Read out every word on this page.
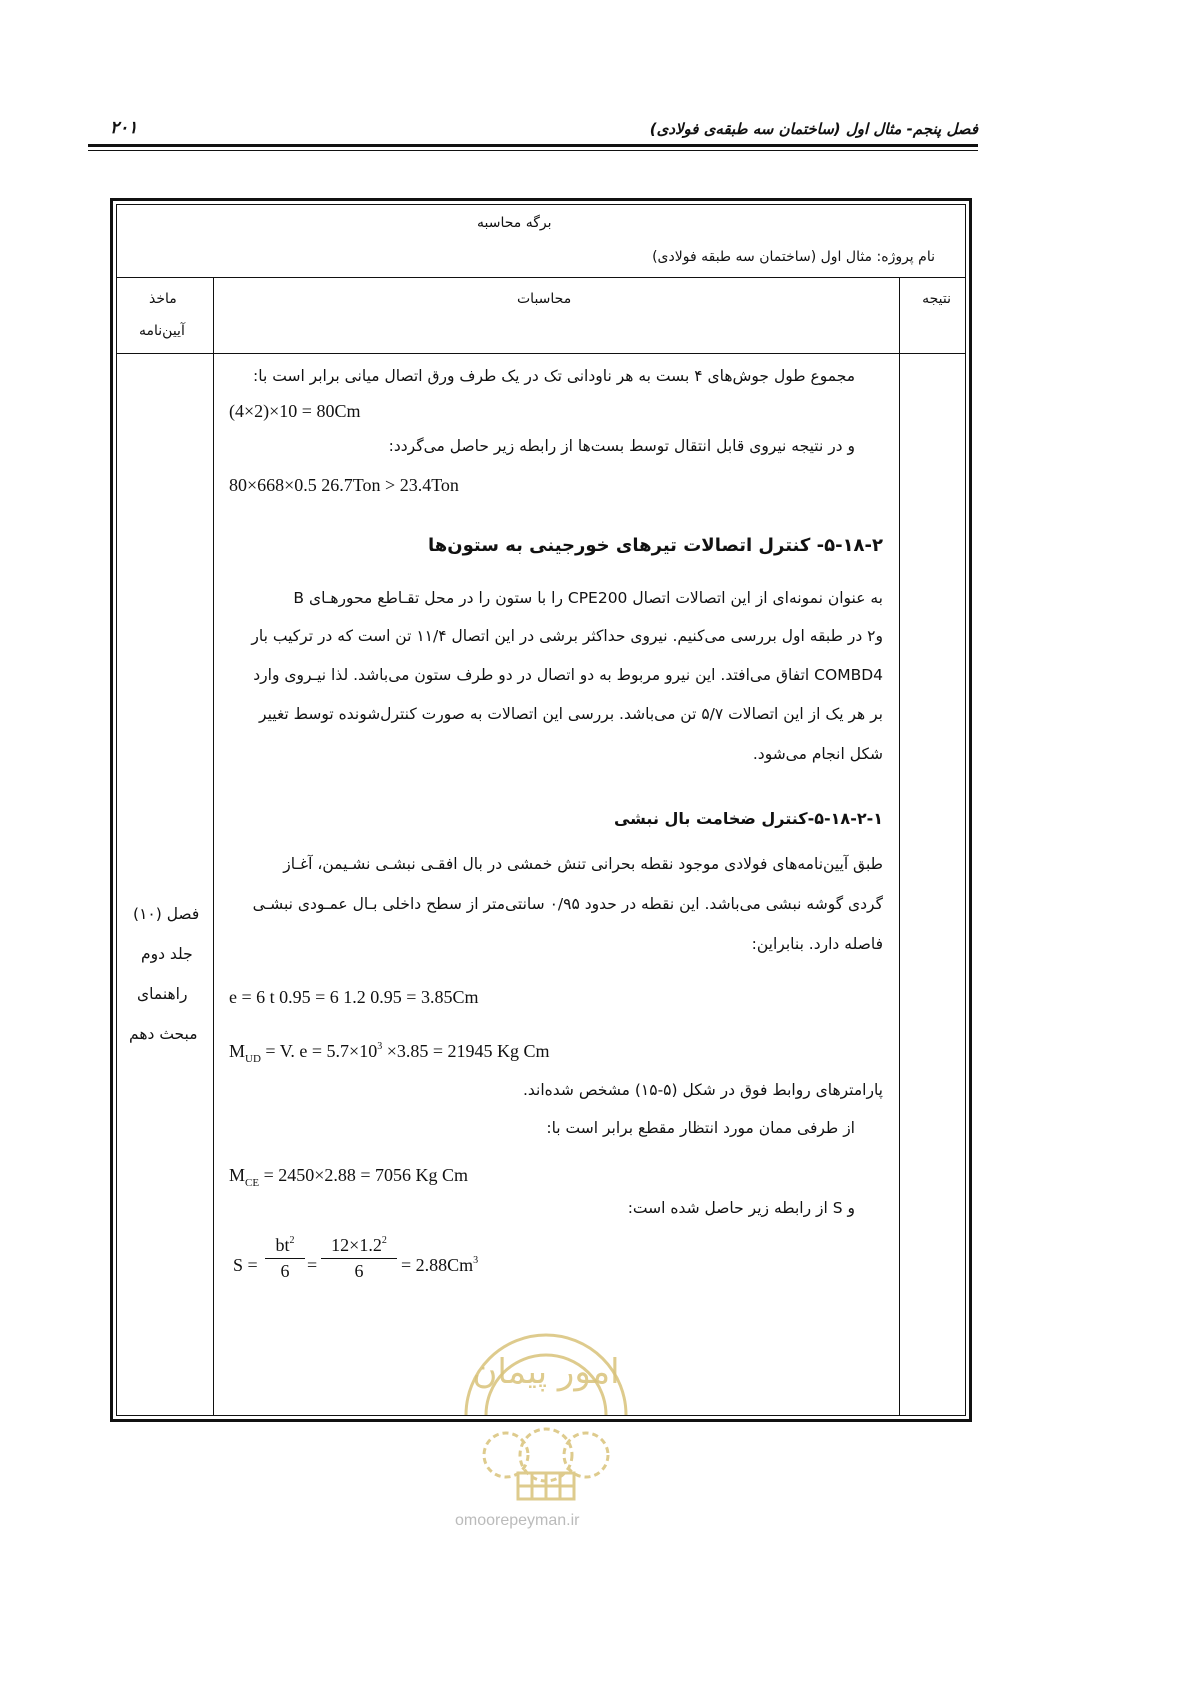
فصل پنجم- مثال اول (ساختمان سه طبقه‌ی فولادی)
۲۰۱
برگه محاسبه
نام پروژه: مثال اول (ساختمان سه طبقه فولادی)
نتیجه
محاسبات
ماخذ
آیین‌نامه
فصل (۱۰)
جلد دوم
راهنمای
مبحث دهم
مجموع طول جوش‌های ۴ بست به هر ناودانی تک در یک طرف ورق اتصال میانی برابر است با:
(4×2)×10 = 80Cm
و در نتیجه نیروی قابل انتقال توسط بست‌ها از رابطه زیر حاصل می‌گردد:
80×668×0.5 26.7Ton > 23.4Ton
۵-۱۸-۲- کنترل اتصالات تیرهای خورجینی به ستون‌ها
به عنوان نمونه‌ای از این اتصالات اتصال CPE200 را با ستون را در محل تقـاطع محورهـای B
و۲ در طبقه اول بررسی می‌کنیم. نیروی حداکثر برشی در این اتصال ۱۱/۴ تن است که در ترکیب بار
COMBD4 اتفاق می‌افتد. این نیرو مربوط به دو اتصال در دو طرف ستون می‌باشد. لذا نیـروی وارد
بر هر یک از این اتصالات ۵/۷ تن می‌باشد. بررسی این اتصالات به صورت کنترل‌شونده توسط تغییر
شکل انجام می‌شود.
۵-۱۸-۲-۱-کنترل ضخامت بال نبشی
طبق آیین‌نامه‌های فولادی موجود نقطه بحرانی تنش خمشی در بال افقـی نبشـی نشـیمن، آغـاز
گردی گوشه نبشی می‌باشد. این نقطه در حدود ۰/۹۵ سانتی‌متر از سطح داخلی بـال عمـودی نبشـی
فاصله دارد. بنابراین:
e = 6 t 0.95 = 6 1.2 0.95 = 3.85Cm
$M_{UD} = V$. $e = 5.7\times 10^3 \times 3.85 = 21945$ Kg Cm
پارامترهای روابط فوق در شکل (۵-۱۵) مشخص شده‌اند.
از طرفی ممان مورد انتظار مقطع برابر است با:
$M_{CE} = 2450\times 2.88 = 7056$ Kg Cm
و S از رابطه زیر حاصل شده است:
S =
$bt^2$
6 =
$12\times 1.2^2$
6	= $2.88Cm^3$
امور پیمان
omoorepeyman.ir
